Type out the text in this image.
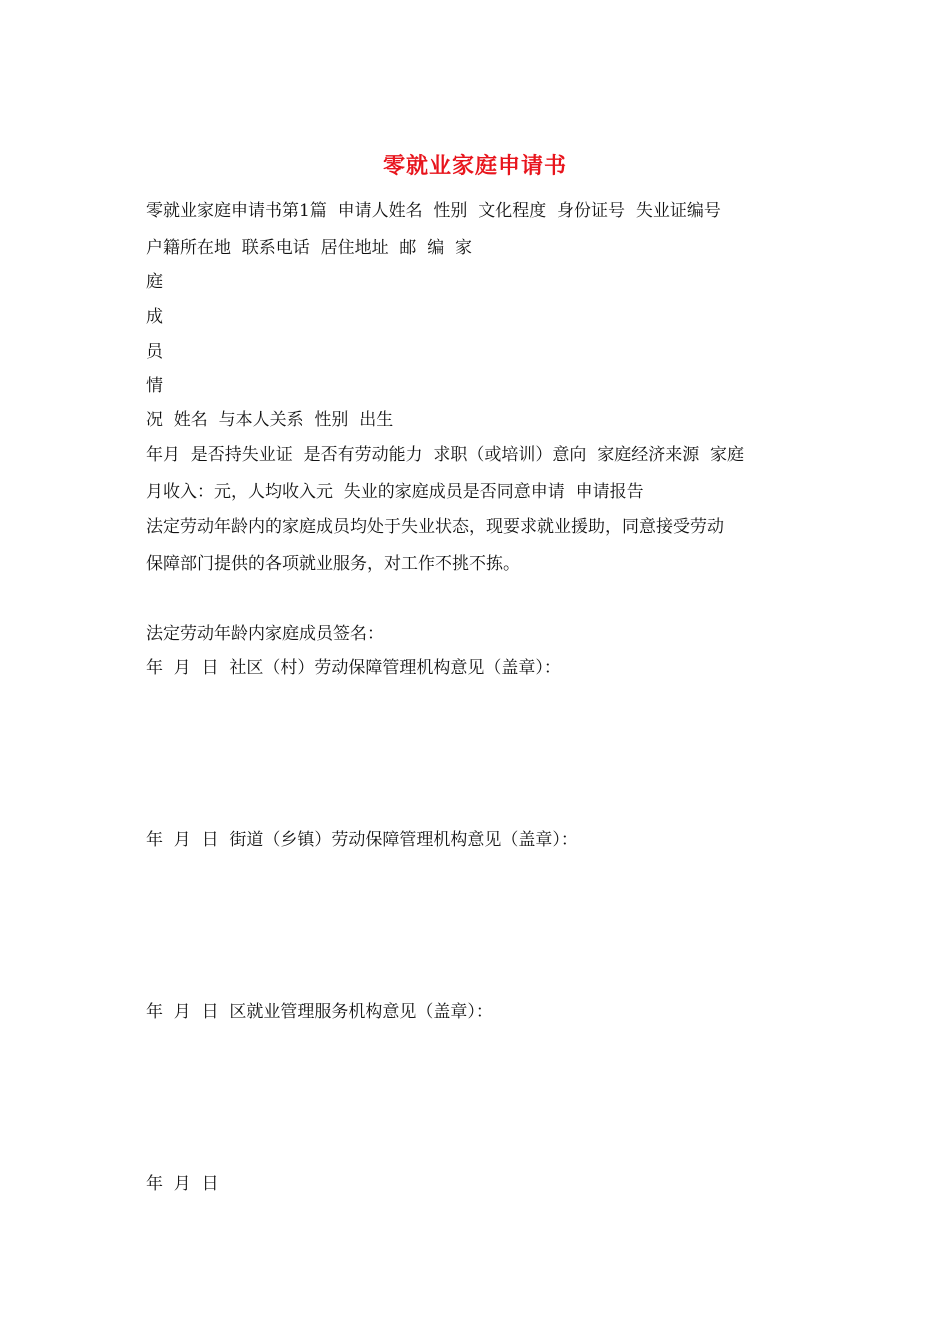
零就业家庭申请书
零就业家庭申请书第1篇  申请人姓名  性别  文化程度  身份证号  失业证编号
户籍所在地  联系电话  居住地址  邮  编  家
庭
成
员
情
况  姓名  与本人关系  性别  出生
年月  是否持失业证  是否有劳动能力  求职（或培训）意向  家庭经济来源  家庭
月收入：元，人均收入元  失业的家庭成员是否同意申请  申请报告
法定劳动年龄内的家庭成员均处于失业状态，现要求就业援助，同意接受劳动
保障部门提供的各项就业服务，对工作不挑不拣。
法定劳动年龄内家庭成员签名：
年  月  日  社区（村）劳动保障管理机构意见（盖章）：
年  月  日  街道（乡镇）劳动保障管理机构意见（盖章）：
年  月  日  区就业管理服务机构意见（盖章）：
年  月  日
